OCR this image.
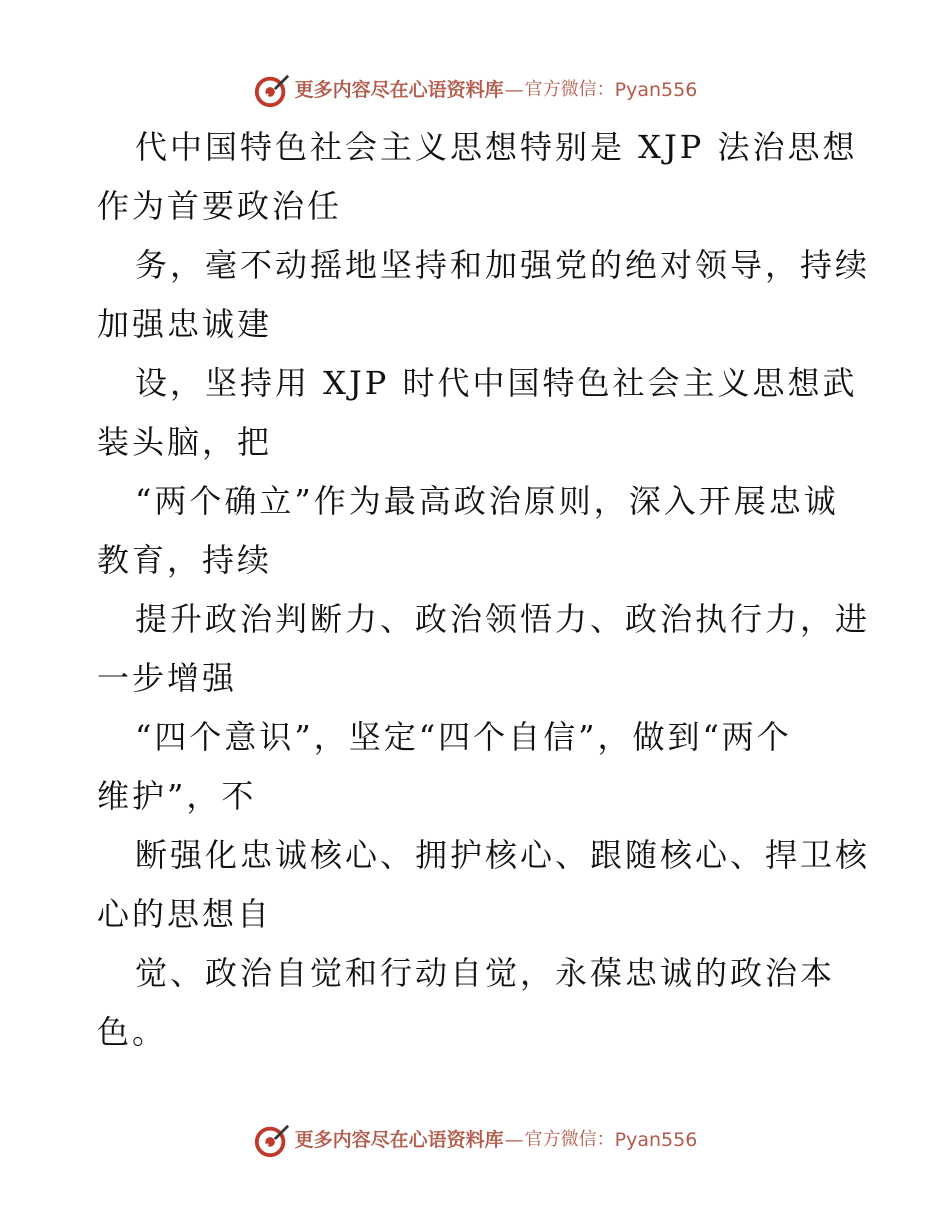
更多内容尽在心语资料库 — 官方微信： Pyan556
代中国特色社会主义思想特别是 XJP 法治思想
作为首要政治任
务，毫不动摇地坚持和加强党的绝对领导，持续
加强忠诚建
设，坚持用 XJP 时代中国特色社会主义思想武
装头脑，把
“两个确立”作为最高政治原则，深入开展忠诚
教育，持续
提升政治判断力、政治领悟力、政治执行力，进
一步增强
“四个意识”，坚定“四个自信”，做到“两个
维护”，不
断强化忠诚核心、拥护核心、跟随核心、捍卫核
心的思想自
觉、政治自觉和行动自觉，永葆忠诚的政治本
色。
更多内容尽在心语资料库 — 官方微信： Pyan556
